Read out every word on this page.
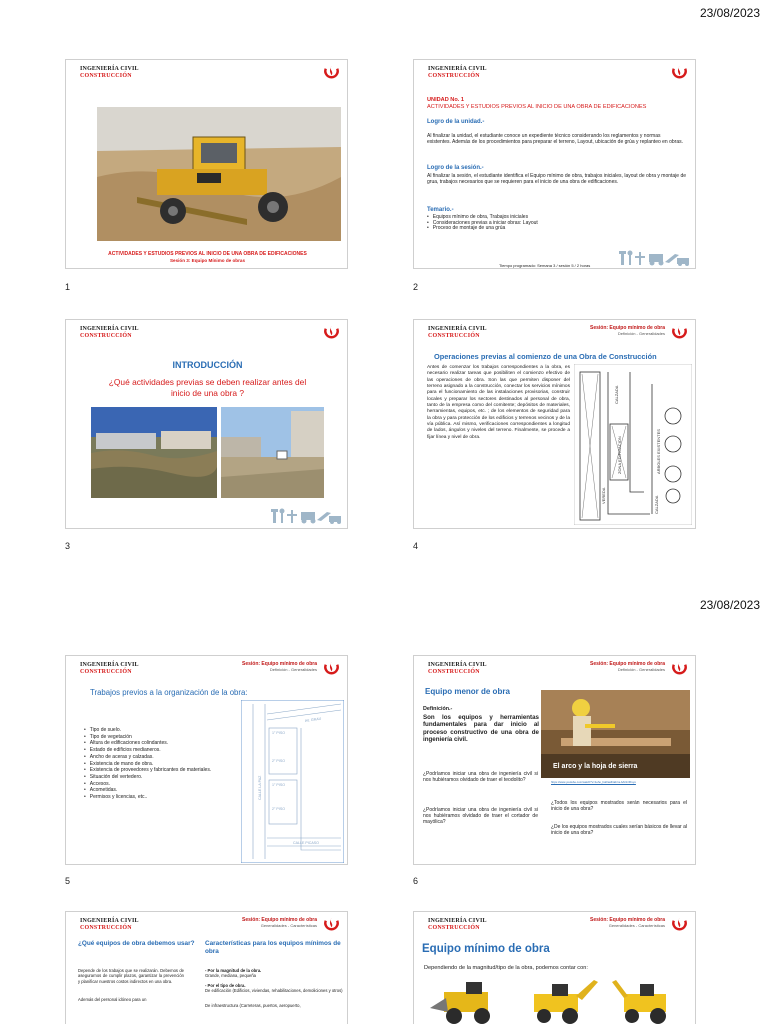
23/08/2023
INGENIERÍA CIVIL
CONSTRUCCIÓN
ACTIVIDADES Y ESTUDIOS PREVIOS AL INICIO DE UNA OBRA DE EDIFICACIONES
Sesión 3: Equipo Mínimo de obras
1
INGENIERÍA CIVIL
CONSTRUCCIÓN
UNIDAD No. 1
ACTIVIDADES Y ESTUDIOS PREVIOS AL INICIO DE UNA OBRA DE EDIFICACIONES
Logro de la unidad.-
Al finalizar la unidad, el estudiante conoce un expediente técnico considerando los reglamentos y normas existentes. Además de los procedimientos para preparar el terreno, Layout, ubicación de grúa y replanteo en obras.
Logro de la sesión.-
Al finalizar la sesión, el estudiante identifica el Equipo mínimo de obra, trabajos iniciales, layout de obra y montaje de grua, trabajos necesarios que se requieren para el inicio de una obra de edificaciones.
Temario.-
• Equipos mínimo de obra, Trabajos iniciales
• Consideraciones previas a iniciar obras: Layout
• Proceso de montaje de una grúa
Tiempo programado: Semana 3 / sesión 5 / 2 horas
2
INGENIERÍA CIVIL
CONSTRUCCIÓN
INTRODUCCIÓN
¿Qué actividades previas se deben realizar antes del inicio de una obra ?
3
INGENIERÍA CIVIL
CONSTRUCCIÓN
Sesión: Equipo mínimo de obra
Definición - Generalidades
Operaciones previas al comienzo de una Obra de Construcción
Antes de comenzar los trabajos correspondientes a la obra, es necesario realizar tareas que posibiliten el comienzo efectivo de las operaciones de obra. Son las que permiten disponer del terreno asignado a la construcción, conectar los servicios mínimos para el funcionamiento de las instalaciones provisorias, construir locales y preparar los sectores destinados al personal de obra, tanto de la empresa como del comitente; depósitos de materiales, herramientas, equipos, etc. ; de los elementos de seguridad para la obra y para protección de los edificios y terrenos vecinos y de la vía pública. Así mismo, verificaciones correspondientes a longitud de lados, ángulos y niveles del terreno. Finalmente, se procede a fijar línea y nivel de obra.
CALZADA
ZONA EDIFICACION
VEREDA	CALZADA
ARBOLES EXISTENTES
4
23/08/2023
INGENIERÍA CIVIL
CONSTRUCCIÓN
Sesión: Equipo mínimo de obra
Definición - Generalidades
Trabajos previos a la organización de la obra:
• Tipo de suelo.
• Tipo de vegetación
• Altura de edificaciones colindantes.
• Estado de edificios medianeros.
• Ancho de aceras y calzadas.
• Existencia de mano de obra.
• Existencia de proveedores y fabricantes de materiales.
• Situación del vertedero.
• Accesos.
• Acometidas.
• Permisos y licencias, etc..
1° PISO
2° PISO
1° PISO
2° PISO
CALLE LA PAZ
AV. GRAU
CALLE PICASO
5
INGENIERÍA CIVIL
CONSTRUCCIÓN
Sesión: Equipo mínimo de obra
Definición - Generalidades
Equipo menor de obra
Definición.-
Son los equipos y herramientas fundamentales para dar inicio al proceso constructivo de una obra de ingeniería civil.
El arco y la hoja de sierra
https://www.youtube.com/watch?v=1eho_bahlaslhtab=a-bAOn3Kvyo
¿Podríamos iniciar una obra de ingeniería civil si nos hubiéramos olvidado de traer el teodolito?
¿Podríamos iniciar una obra de ingeniería civil si nos hubiéramos olvidado de traer el cortador de mayólica?
¿Todos los equipos mostrados serán necesarios para el inicio de una obra?
¿De los equipos mostrados cuales serían básicos de llevar al inicio de una obra?
6
INGENIERÍA CIVIL
CONSTRUCCIÓN
Sesión: Equipo mínimo de obra
Generalidades - Características
¿Qué equipos de obra debemos usar?
Depende de los trabajos que se realizarán. Debemos de asegurarnos de cumplir plazos, garantizar la prevención y planificar nuestros costos indirectos en una obra.
Además del personal idóneo para un
Características para los equipos mínimos de obra
- Por la magnitud de la obra.
Grande, mediana, pequeña
- Por el tipo de obra.
De edificación (Edificios, viviendas, rehabilitaciones, demoliciones y otros)
De infraestructura (Carreteras, puertos, aeropuerto,
INGENIERÍA CIVIL
CONSTRUCCIÓN
Sesión: Equipo mínimo de obra
Generalidades - Características
Equipo mínimo de obra
Dependiendo de la magnitud/tipo de la obra, podemos contar con:
